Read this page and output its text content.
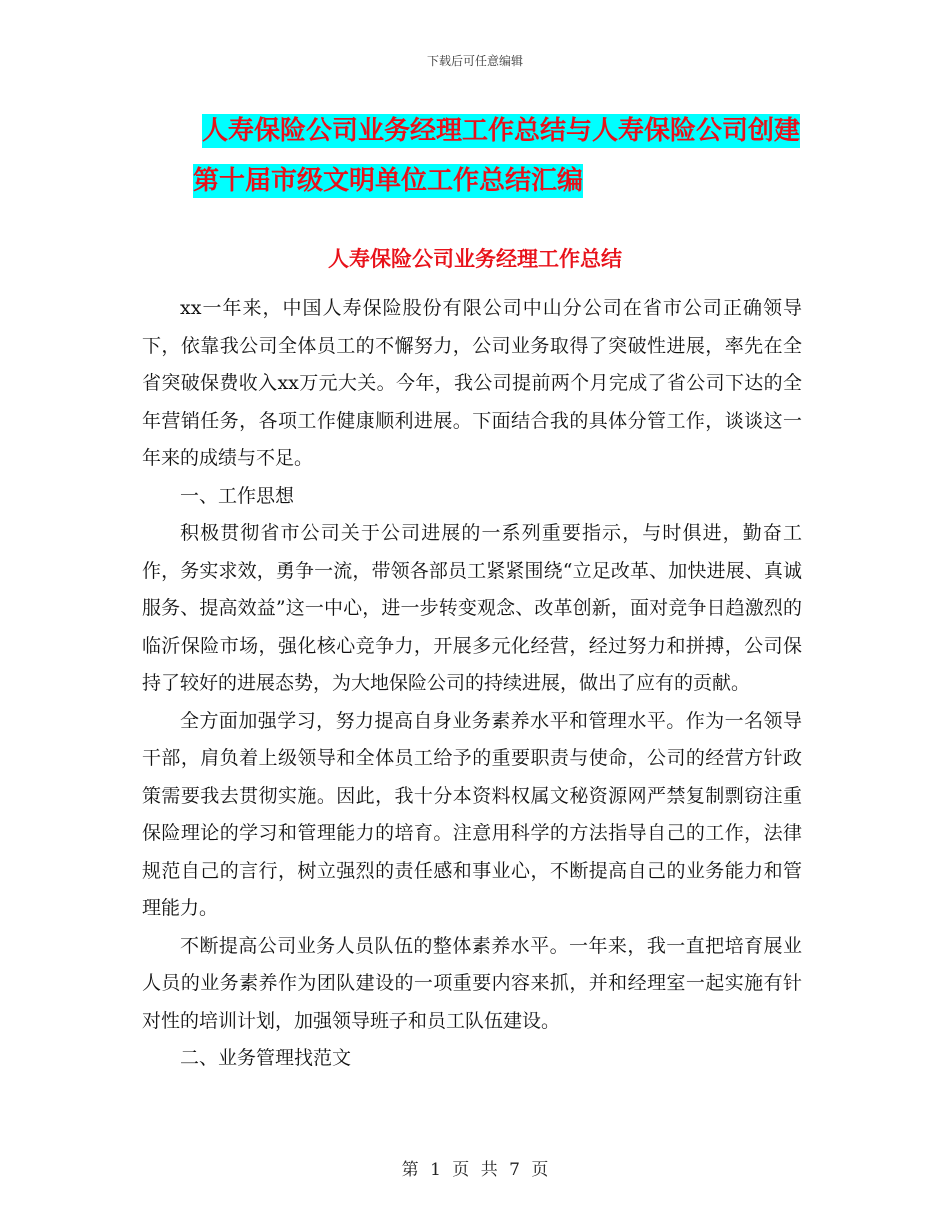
下载后可任意编辑
人寿保险公司业务经理工作总结与人寿保险公司创建
第十届市级文明单位工作总结汇编
人寿保险公司业务经理工作总结

xx一年来，中国人寿保险股份有限公司中山分公司在省市公司正确领导下，依靠我公司全体员工的不懈努力，公司业务取得了突破性进展，率先在全省突破保费收入xx万元大关。今年，我公司提前两个月完成了省公司下达的全年营销任务，各项工作健康顺利进展。下面结合我的具体分管工作，谈谈这一年来的成绩与不足。

一、工作思想

积极贯彻省市公司关于公司进展的一系列重要指示，与时俱进，勤奋工作，务实求效，勇争一流，带领各部员工紧紧围绕“立足改革、加快进展、真诚服务、提高效益”这一中心，进一步转变观念、改革创新，面对竞争日趋激烈的临沂保险市场，强化核心竞争力，开展多元化经营，经过努力和拼搏，公司保持了较好的进展态势，为大地保险公司的持续进展，做出了应有的贡献。

全方面加强学习，努力提高自身业务素养水平和管理水平。作为一名领导干部，肩负着上级领导和全体员工给予的重要职责与使命，公司的经营方针政策需要我去贯彻实施。因此，我十分本资料权属文秘资源网严禁复制剽窃注重保险理论的学习和管理能力的培育。注意用科学的方法指导自己的工作，法律规范自己的言行，树立强烈的责任感和事业心，不断提高自己的业务能力和管理能力。

不断提高公司业务人员队伍的整体素养水平。一年来，我一直把培育展业人员的业务素养作为团队建设的一项重要内容来抓，并和经理室一起实施有针对性的培训计划，加强领导班子和员工队伍建设。

二、业务管理找范文

第 1 页 共 7 页
